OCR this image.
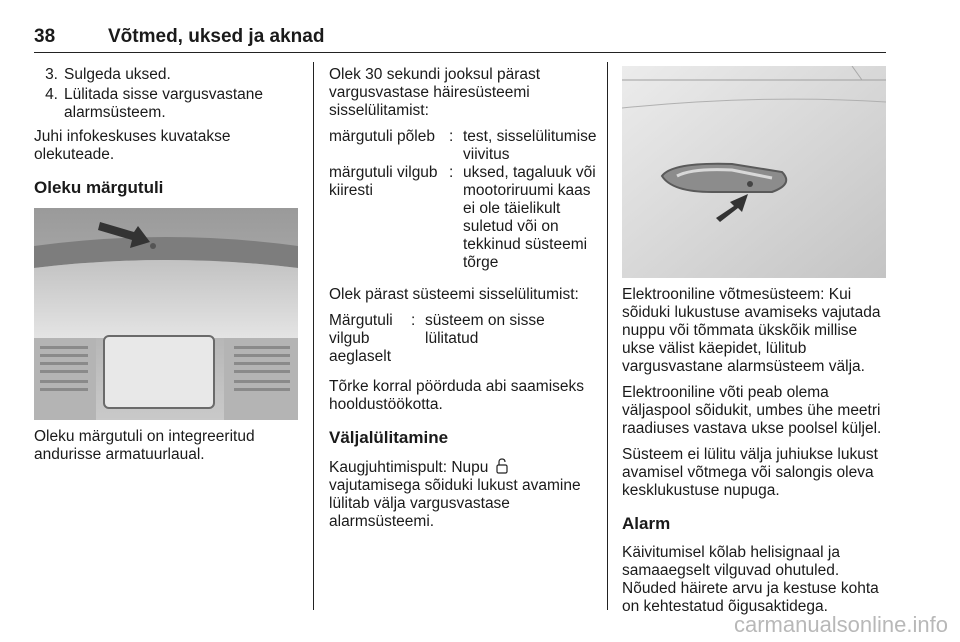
38	Võtmed, uksed ja aknad
3. Sulgeda uksed.
4. Lülitada sisse vargusvastane alarmsüsteem.

Juhi infokeskuses kuvatakse olekuteade.

Oleku märgutuli

Oleku märgutuli on integreeritud andurisse armatuurlaual.

Olek 30 sekundi jooksul pärast vargusvastase häiresüsteemi sisselülitamist:

märgutuli põleb	:	test, sisselülitumise viivitus
märgutuli vilgub kiiresti	:	uksed, tagaluuk või mootoriruumi kaas ei ole täielikult suletud või on tekkinud süsteemi tõrge

Olek pärast süsteemi sisselülitumist:

Märgutuli vilgub aeglaselt	:	süsteem on sisse lülitatud

Tõrke korral pöörduda abi saamiseks hooldustöökotta.

Väljalülitamine

Kaugjuhtimispult: Nupu  vajutamisega sõiduki lukust avamine lülitab välja vargusvastase alarmsüsteemi.

Elektrooniline võtmesüsteem: Kui sõiduki lukustuse avamiseks vajutada nuppu või tõmmata ükskõik millise ukse välist käepidet, lülitub vargusvastane alarmsüsteem välja.

Elektrooniline võti peab olema väljaspool sõidukit, umbes ühe meetri raadiuses vastava ukse poolsel küljel.

Süsteem ei lülitu välja juhiukse lukust avamisel võtmega või salongis oleva kesklukustuse nupuga.

Alarm

Käivitumisel kõlab helisignaal ja samaaegselt vilguvad ohutuled. Nõuded häirete arvu ja kestuse kohta on kehtestatud õigusaktidega.

carmanualsonline.info
